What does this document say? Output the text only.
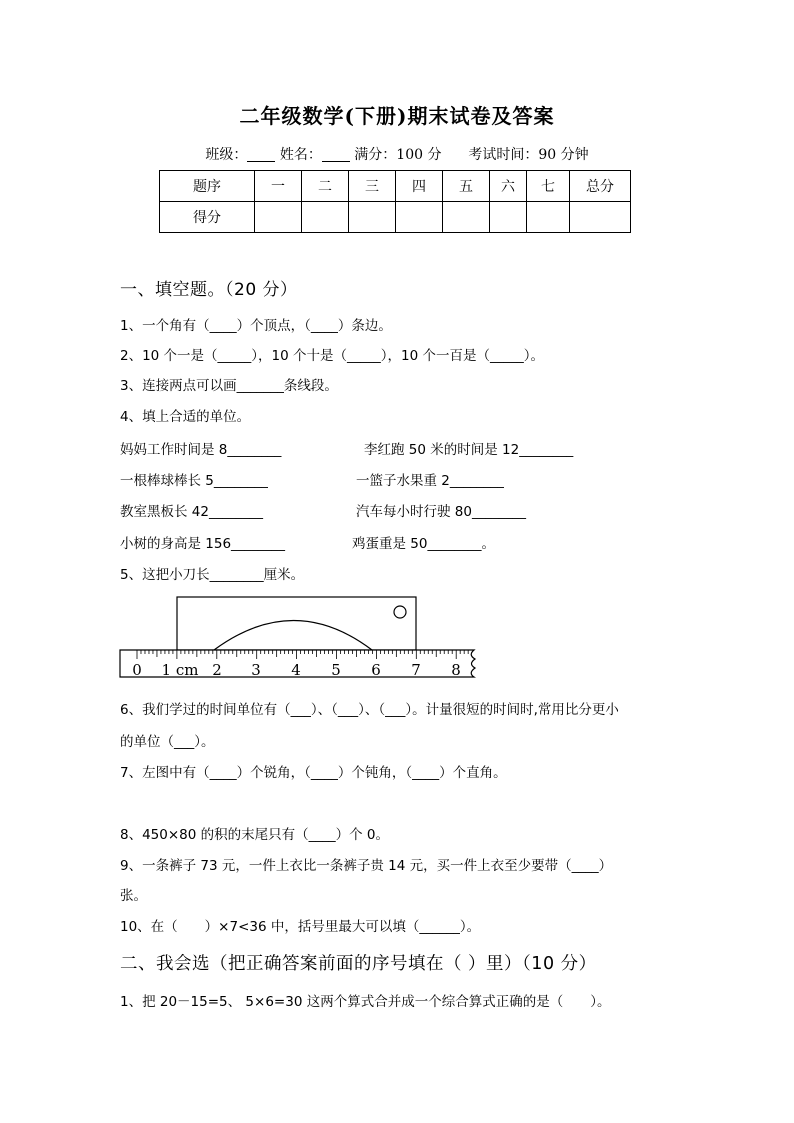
二年级数学(下册)期末试卷及答案
班级： 姓名： 满分：100 分 考试时间：90 分钟
题序	一	二	三	四	五	六	七	总分
得分								
一、填空题。（20 分）
1、一个角有（____）个顶点，（____）条边。
2、10 个一是（_____），10 个十是（_____），10 个一百是（_____）。
3、连接两点可以画_______条线段。
4、填上合适的单位。
妈妈工作时间是 8________	李红跑 50 米的时间是 12________
一根棒球棒长 5________	一篮子水果重 2________
教室黑板长 42________	汽车每小时行驶 80________
小树的身高是 156________	鸡蛋重是 50________。
5、这把小刀长________厘米。
0 1 cm 2 3 4 5 6 7 8
6、我们学过的时间单位有（___）、（___）、（___）。计量很短的时间时,常用比分更小
的单位（___）。
7、左图中有（____）个锐角，（____）个钝角，（____）个直角。
8、450×80 的积的末尾只有（____）个 0。
9、一条裤子 73 元，一件上衣比一条裤子贵 14 元，买一件上衣至少要带（____）
张。
10、在（　　）×7<36 中，括号里最大可以填（______）。
二、我会选（把正确答案前面的序号填在（ ）里）（10 分）
1、把 20－15=5、 5×6=30 这两个算式合并成一个综合算式正确的是（　　）。
